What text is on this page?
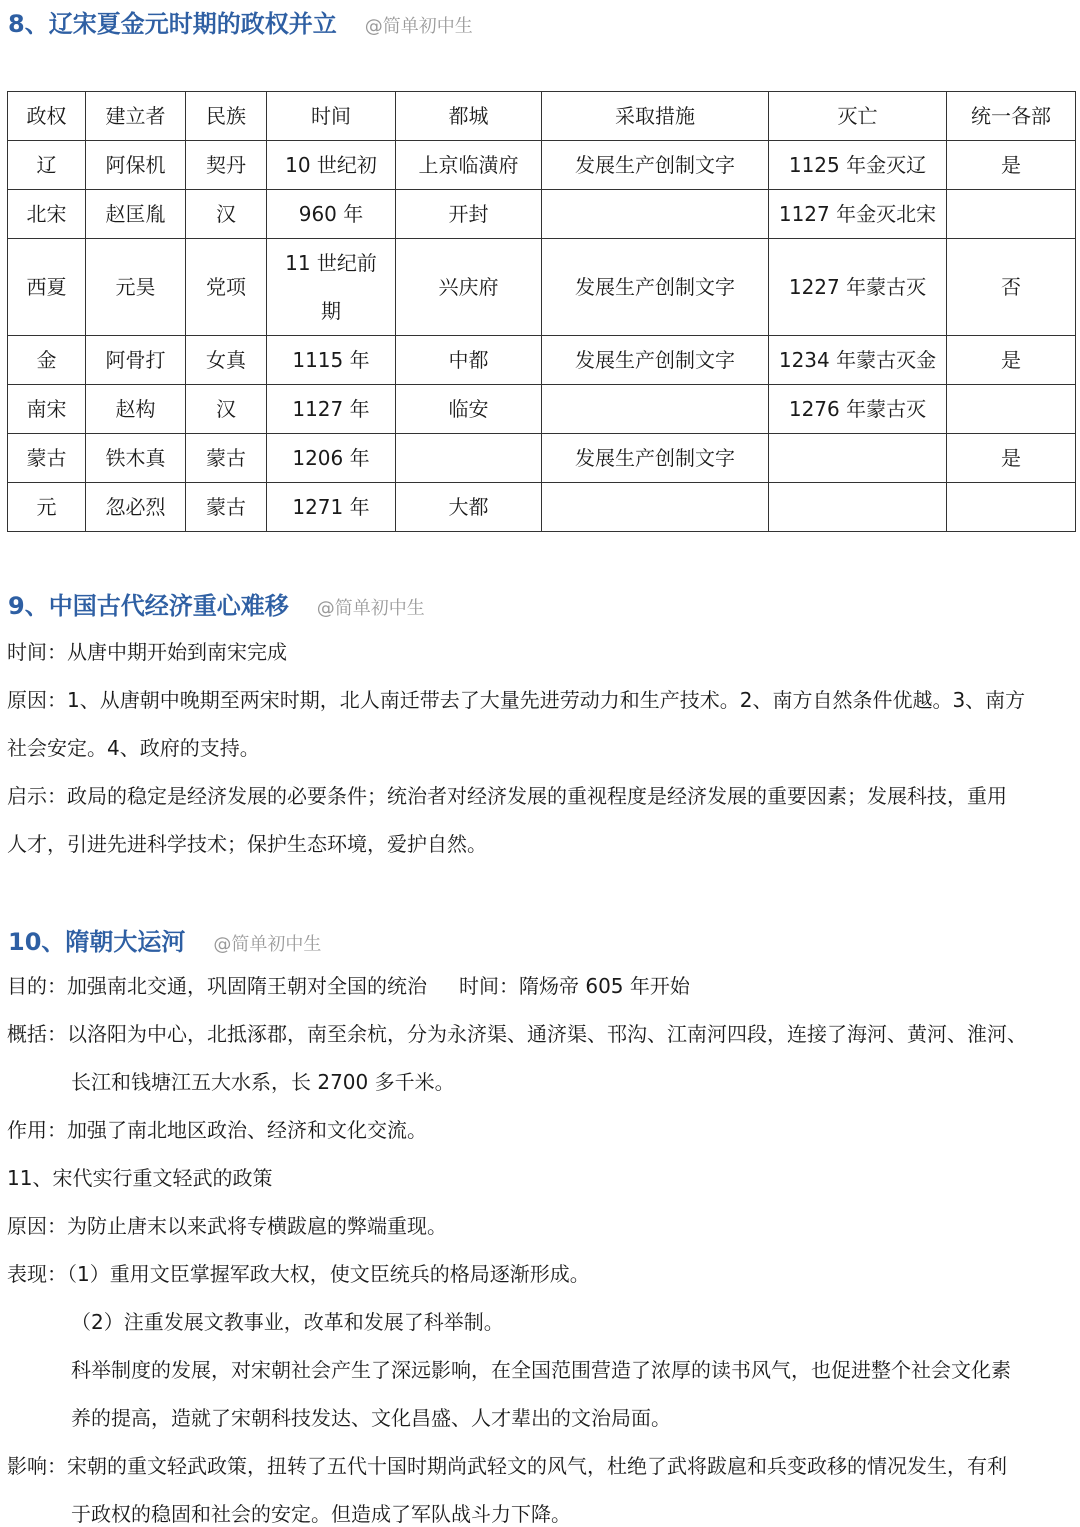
8、辽宋夏金元时期的政权并立 @简单初中生
政权	建立者	民族	时间	都城	采取措施	灭亡	统一各部
辽	阿保机	契丹	10 世纪初	上京临潢府	发展生产创制文字	1125 年金灭辽	是
北宋	赵匡胤	汉	960 年	开封		1127 年金灭北宋	
西夏	元昊	党项	11 世纪前期	兴庆府	发展生产创制文字	1227 年蒙古灭	否
金	阿骨打	女真	1115 年	中都	发展生产创制文字	1234 年蒙古灭金	是
南宋	赵构	汉	1127 年	临安		1276 年蒙古灭	
蒙古	铁木真	蒙古	1206 年		发展生产创制文字		是
元	忽必烈	蒙古	1271 年	大都			
9、中国古代经济重心难移 @简单初中生
时间：从唐中期开始到南宋完成
原因：1、从唐朝中晚期至两宋时期，北人南迁带去了大量先进劳动力和生产技术。2、南方自然条件优越。3、南方
社会安定。4、政府的支持。
启示：政局的稳定是经济发展的必要条件；统治者对经济发展的重视程度是经济发展的重要因素；发展科技，重用
人才，引进先进科学技术；保护生态环境，爱护自然。
10、隋朝大运河 @简单初中生
目的：加强南北交通，巩固隋王朝对全国的统治 时间：隋炀帝 605 年开始
概括：以洛阳为中心，北抵涿郡，南至余杭，分为永济渠、通济渠、邗沟、江南河四段，连接了海河、黄河、淮河、
长江和钱塘江五大水系，长 2700 多千米。
作用：加强了南北地区政治、经济和文化交流。
11、宋代实行重文轻武的政策
原因：为防止唐末以来武将专横跋扈的弊端重现。
表现：（1）重用文臣掌握军政大权，使文臣统兵的格局逐渐形成。
（2）注重发展文教事业，改革和发展了科举制。
科举制度的发展，对宋朝社会产生了深远影响，在全国范围营造了浓厚的读书风气，也促进整个社会文化素
养的提高，造就了宋朝科技发达、文化昌盛、人才辈出的文治局面。
影响：宋朝的重文轻武政策，扭转了五代十国时期尚武轻文的风气，杜绝了武将跋扈和兵变政移的情况发生，有利
于政权的稳固和社会的安定。但造成了军队战斗力下降。
